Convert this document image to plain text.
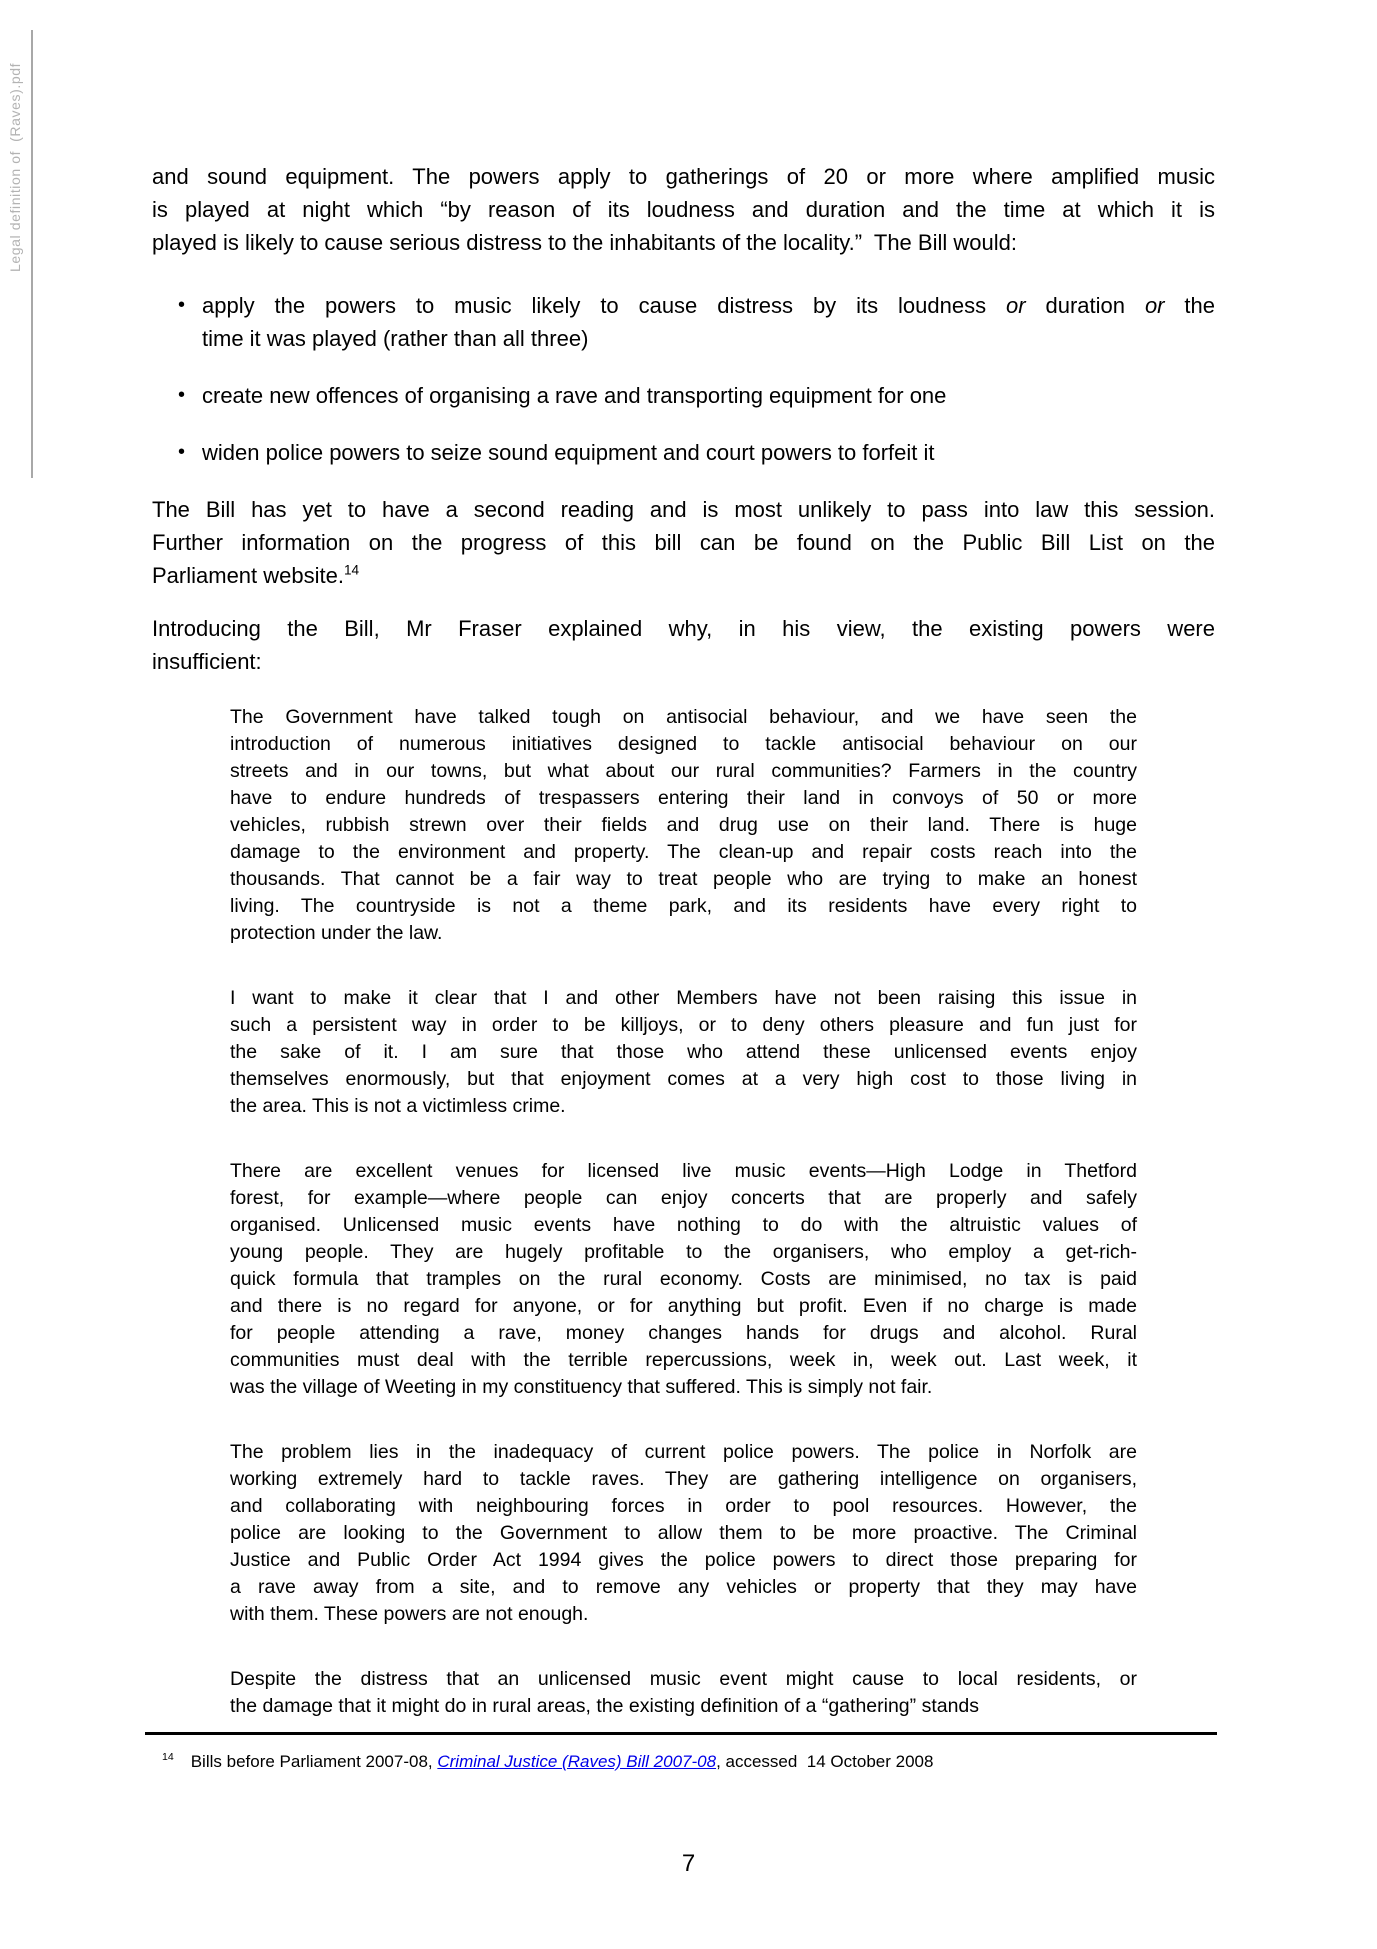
Legal definition of  (Raves).pdf	and sound equipment. The powers apply to gatherings of 20 or more where amplified music
is played at night which “by reason of its loudness and duration and the time at which it is
played is likely to cause serious distress to the inhabitants of the locality.”  The Bill would:
• apply the powers to music likely to cause distress by its loudness or duration or the
time it was played (rather than all three)
• create new offences of organising a rave and transporting equipment for one
• widen police powers to seize sound equipment and court powers to forfeit it
The Bill has yet to have a second reading and is most unlikely to pass into law this session.
Further information on the progress of this bill can be found on the Public Bill List on the
Parliament website.$^{14}$
Introducing the Bill, Mr Fraser explained why, in his view, the existing powers were
insufficient:
The Government have talked tough on antisocial behaviour, and we have seen the
introduction of numerous initiatives designed to tackle antisocial behaviour on our
streets and in our towns, but what about our rural communities? Farmers in the country
have to endure hundreds of trespassers entering their land in convoys of 50 or more
vehicles, rubbish strewn over their fields and drug use on their land. There is huge
damage to the environment and property. The clean-up and repair costs reach into the
thousands. That cannot be a fair way to treat people who are trying to make an honest
living. The countryside is not a theme park, and its residents have every right to
protection under the law.
I want to make it clear that I and other Members have not been raising this issue in
such a persistent way in order to be killjoys, or to deny others pleasure and fun just for
the sake of it. I am sure that those who attend these unlicensed events enjoy
themselves enormously, but that enjoyment comes at a very high cost to those living in
the area. This is not a victimless crime.
There are excellent venues for licensed live music events—High Lodge in Thetford
forest, for example—where people can enjoy concerts that are properly and safely
organised. Unlicensed music events have nothing to do with the altruistic values of
young people. They are hugely profitable to the organisers, who employ a get-rich-
quick formula that tramples on the rural economy. Costs are minimised, no tax is paid
and there is no regard for anyone, or for anything but profit. Even if no charge is made
for people attending a rave, money changes hands for drugs and alcohol. Rural
communities must deal with the terrible repercussions, week in, week out. Last week, it
was the village of Weeting in my constituency that suffered. This is simply not fair.
The problem lies in the inadequacy of current police powers. The police in Norfolk are
working extremely hard to tackle raves. They are gathering intelligence on organisers,
and collaborating with neighbouring forces in order to pool resources. However, the
police are looking to the Government to allow them to be more proactive. The Criminal
Justice and Public Order Act 1994 gives the police powers to direct those preparing for
a rave away from a site, and to remove any vehicles or property that they may have
with them. These powers are not enough.
Despite the distress that an unlicensed music event might cause to local residents, or
the damage that it might do in rural areas, the existing definition of a “gathering” stands
$^{14}$ Bills before Parliament 2007-08, Criminal Justice (Raves) Bill 2007-08, accessed  14 October 2008
7
